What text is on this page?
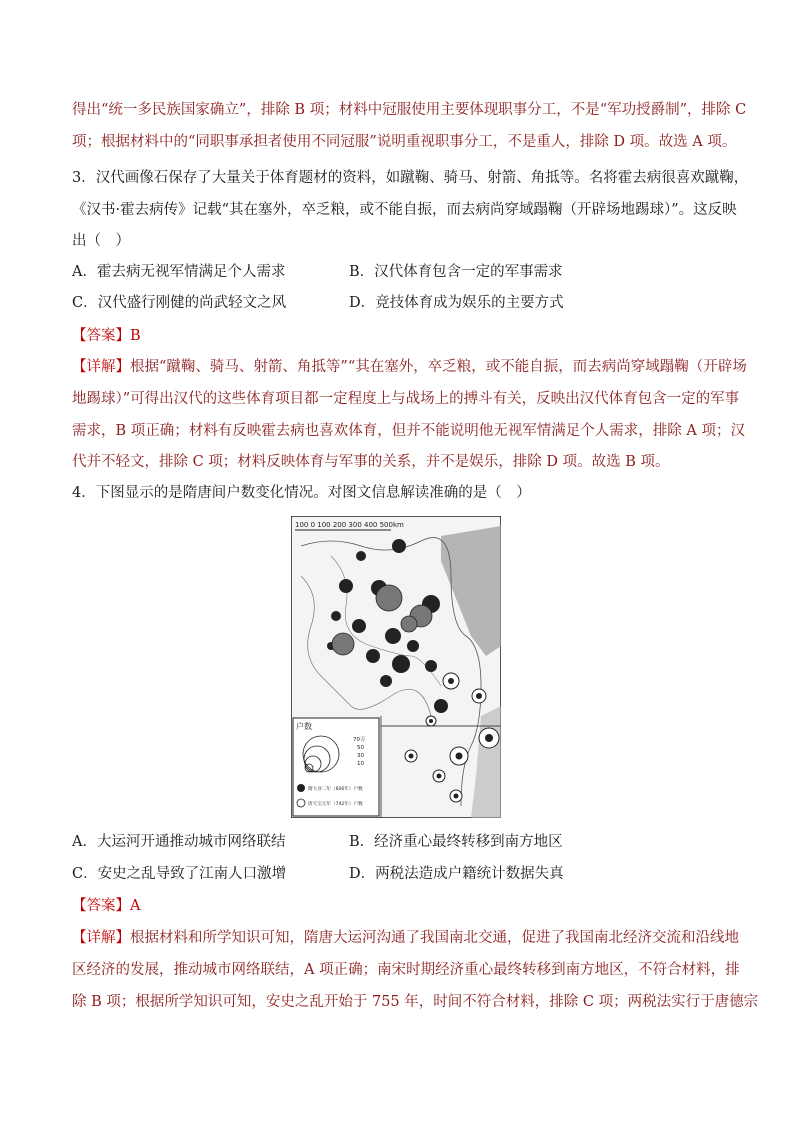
得出“统一多民族国家确立”，排除 B 项；材料中冠服使用主要体现职事分工，不是“军功授爵制”，排除 C
项；根据材料中的“同职事承担者使用不同冠服”说明重视职事分工，不是重人，排除 D 项。故选 A 项。
3．汉代画像石保存了大量关于体育题材的资料，如蹴鞠、骑马、射箭、角抵等。名将霍去病很喜欢蹴鞠，
《汉书·霍去病传》记载“其在塞外，卒乏粮，或不能自振，而去病尚穿域蹋鞠（开辟场地踢球）”。这反映
出（　）
A．霍去病无视军情满足个人需求	B．汉代体育包含一定的军事需求
C．汉代盛行刚健的尚武轻文之风	D．竞技体育成为娱乐的主要方式
【答案】B
【详解】根据“蹴鞠、骑马、射箭、角抵等”“其在塞外，卒乏粮，或不能自振，而去病尚穿域蹋鞠（开辟场
地踢球）”可得出汉代的这些体育项目都一定程度上与战场上的搏斗有关，反映出汉代体育包含一定的军事
需求，B 项正确；材料有反映霍去病也喜欢体育，但并不能说明他无视军情满足个人需求，排除 A 项；汉
代并不轻文，排除 C 项；材料反映体育与军事的关系，并不是娱乐，排除 D 项。故选 B 项。
4．下图显示的是隋唐间户数变化情况。对图文信息解读准确的是（　）
100 0 100 200 300 400 500km
户数
70万
50
30
10
隋大业二年（606年）户数
唐天宝元年（742年）户数
A．大运河开通推动城市网络联结	B．经济重心最终转移到南方地区
C．安史之乱导致了江南人口激增	D．两税法造成户籍统计数据失真
【答案】A
【详解】根据材料和所学知识可知，隋唐大运河沟通了我国南北交通，促进了我国南北经济交流和沿线地
区经济的发展，推动城市网络联结，A 项正确；南宋时期经济重心最终转移到南方地区，不符合材料，排
除 B 项；根据所学知识可知，安史之乱开始于 755 年，时间不符合材料，排除 C 项；两税法实行于唐德宗
